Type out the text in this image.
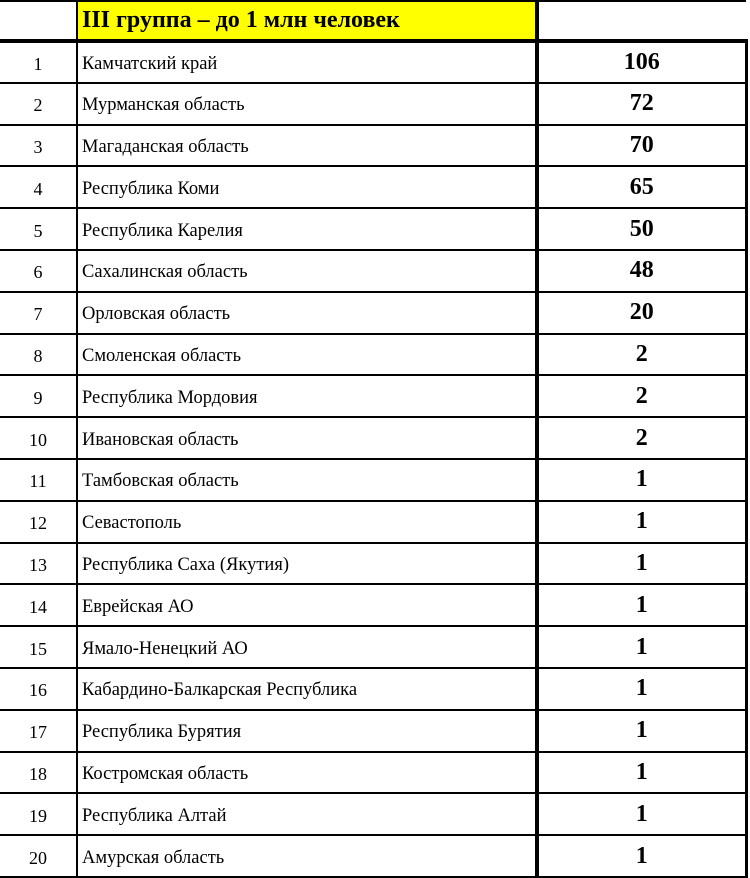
	III группа – до 1 млн человек	
1	Камчатский край	106
2	Мурманская область	72
3	Магаданская область	70
4	Республика Коми	65
5	Республика Карелия	50
6	Сахалинская область	48
7	Орловская область	20
8	Смоленская область	2
9	Республика Мордовия	2
10	Ивановская область	2
11	Тамбовская область	1
12	Севастополь	1
13	Республика Саха (Якутия)	1
14	Еврейская АО	1
15	Ямало-Ненецкий АО	1
16	Кабардино-Балкарская Республика	1
17	Республика Бурятия	1
18	Костромская область	1
19	Республика Алтай	1
20	Амурская область	1
